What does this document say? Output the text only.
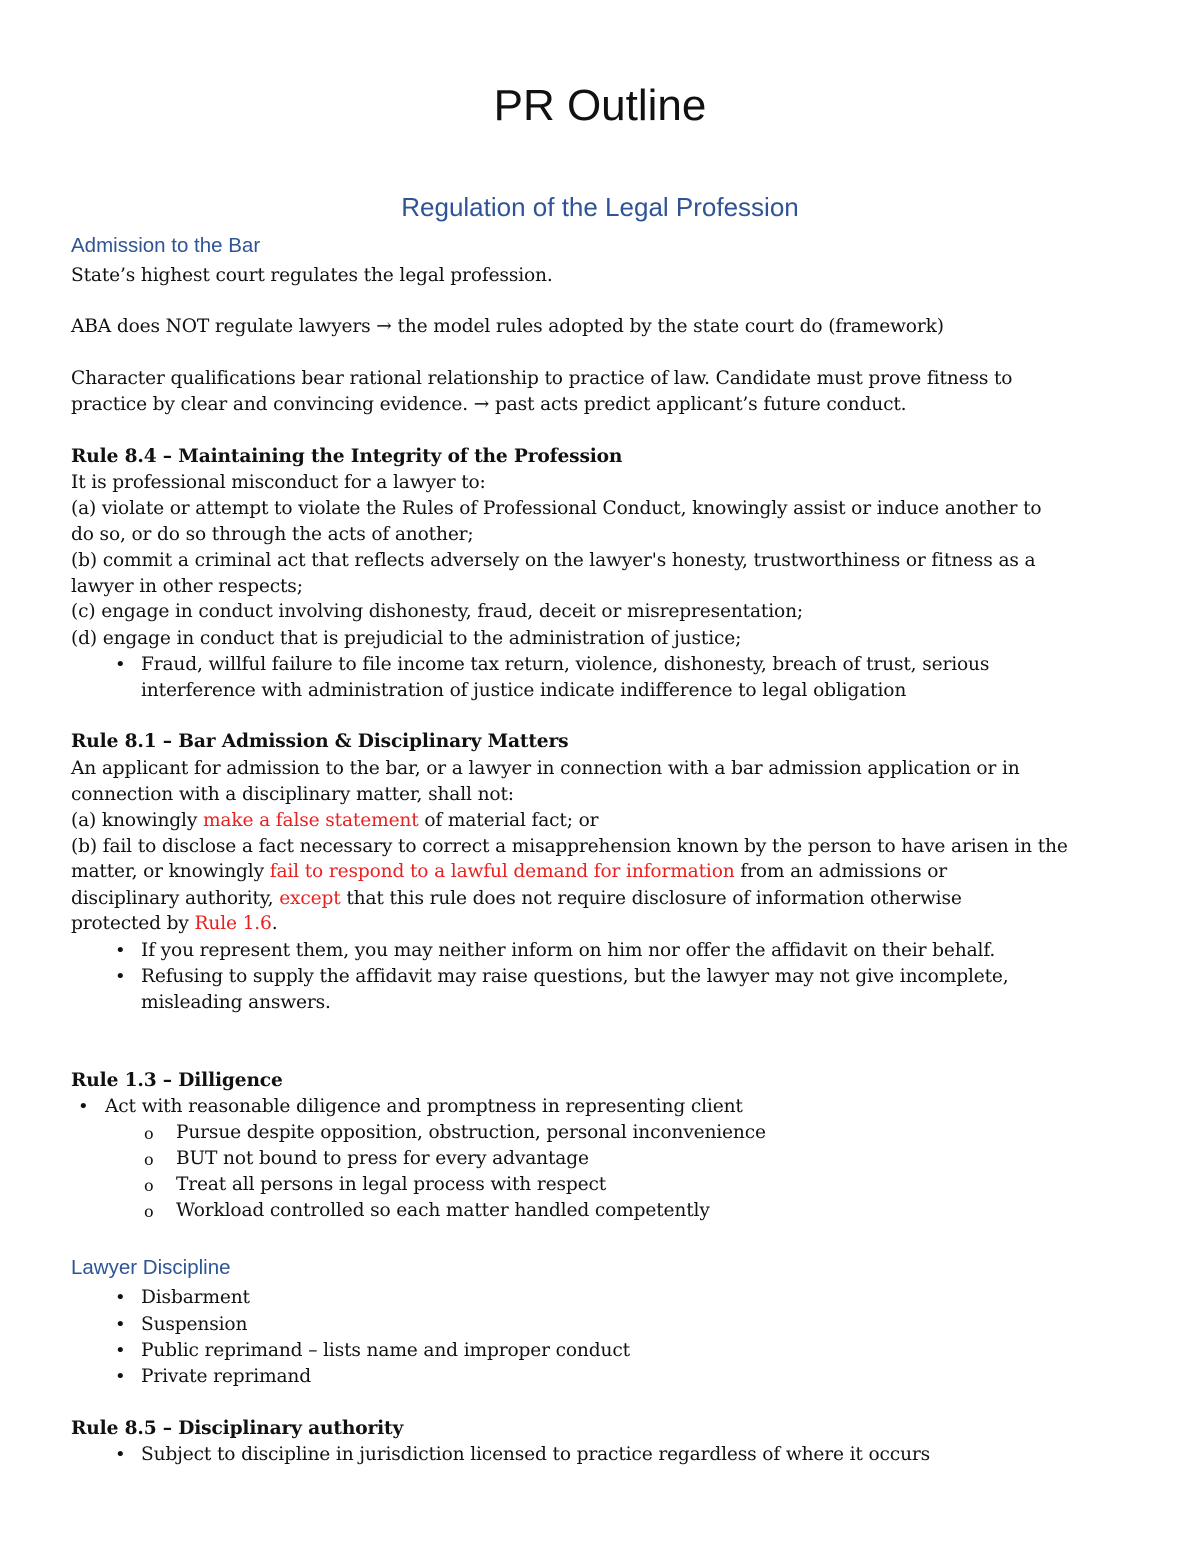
PR Outline
Regulation of the Legal Profession
Admission to the Bar
State’s highest court regulates the legal profession.
ABA does NOT regulate lawyers → the model rules adopted by the state court do (framework)
Character qualifications bear rational relationship to practice of law. Candidate must prove fitness to
practice by clear and convincing evidence. → past acts predict applicant’s future conduct.
Rule 8.4 – Maintaining the Integrity of the Profession
It is professional misconduct for a lawyer to:
(a) violate or attempt to violate the Rules of Professional Conduct, knowingly assist or induce another to
do so, or do so through the acts of another;
(b) commit a criminal act that reflects adversely on the lawyer's honesty, trustworthiness or fitness as a
lawyer in other respects;
(c) engage in conduct involving dishonesty, fraud, deceit or misrepresentation;
(d) engage in conduct that is prejudicial to the administration of justice;
• Fraud, willful failure to file income tax return, violence, dishonesty, breach of trust, serious
interference with administration of justice indicate indifference to legal obligation
Rule 8.1 – Bar Admission & Disciplinary Matters
An applicant for admission to the bar, or a lawyer in connection with a bar admission application or in
connection with a disciplinary matter, shall not:
(a) knowingly make a false statement of material fact; or
(b) fail to disclose a fact necessary to correct a misapprehension known by the person to have arisen in the
matter, or knowingly fail to respond to a lawful demand for information from an admissions or
disciplinary authority, except that this rule does not require disclosure of information otherwise
protected by Rule 1.6.
• If you represent them, you may neither inform on him nor offer the affidavit on their behalf.
• Refusing to supply the affidavit may raise questions, but the lawyer may not give incomplete,
misleading answers.
Rule 1.3 – Dilligence
• Act with reasonable diligence and promptness in representing client
o Pursue despite opposition, obstruction, personal inconvenience
o BUT not bound to press for every advantage
o Treat all persons in legal process with respect
o Workload controlled so each matter handled competently
Lawyer Discipline
• Disbarment
• Suspension
• Public reprimand – lists name and improper conduct
• Private reprimand
Rule 8.5 – Disciplinary authority
• Subject to discipline in jurisdiction licensed to practice regardless of where it occurs
